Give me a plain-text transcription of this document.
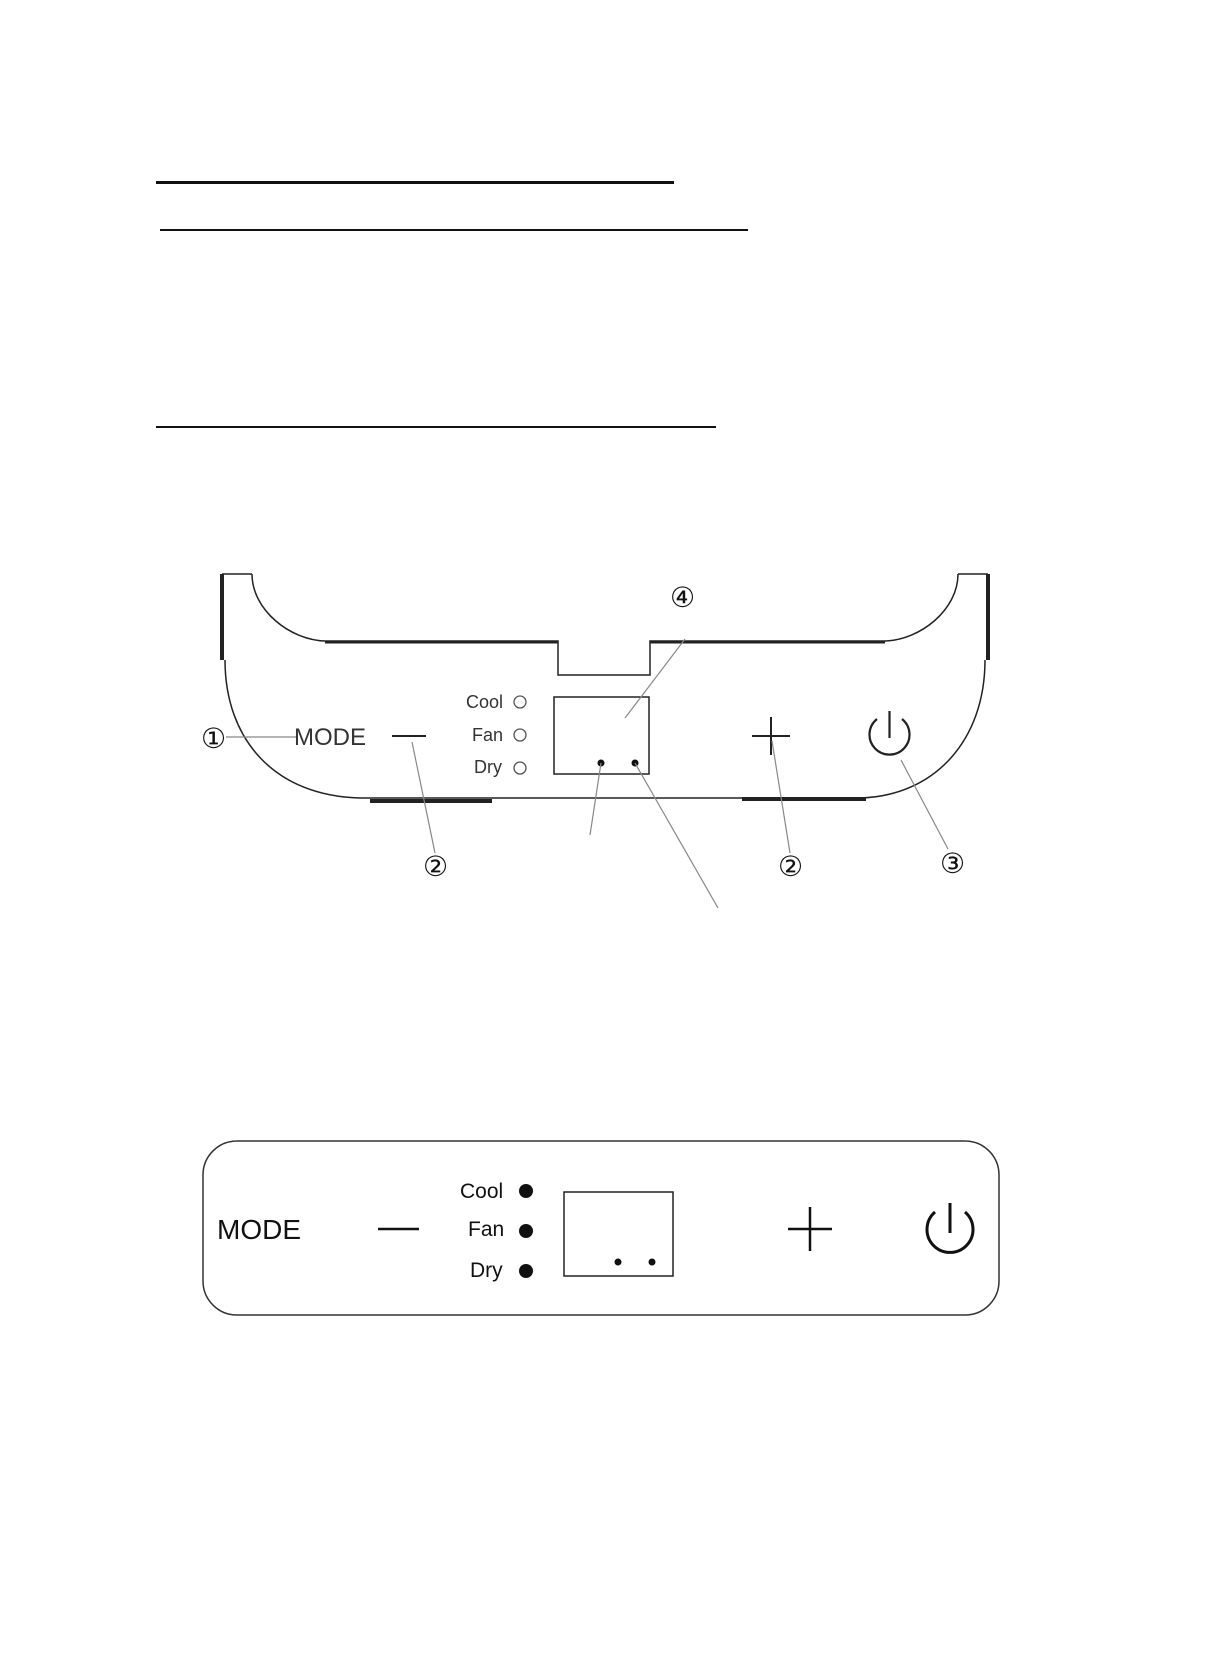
MODE
Cool
Fan
Dry
①
②
④
②	③
MODE
Cool
Fan
Dry
